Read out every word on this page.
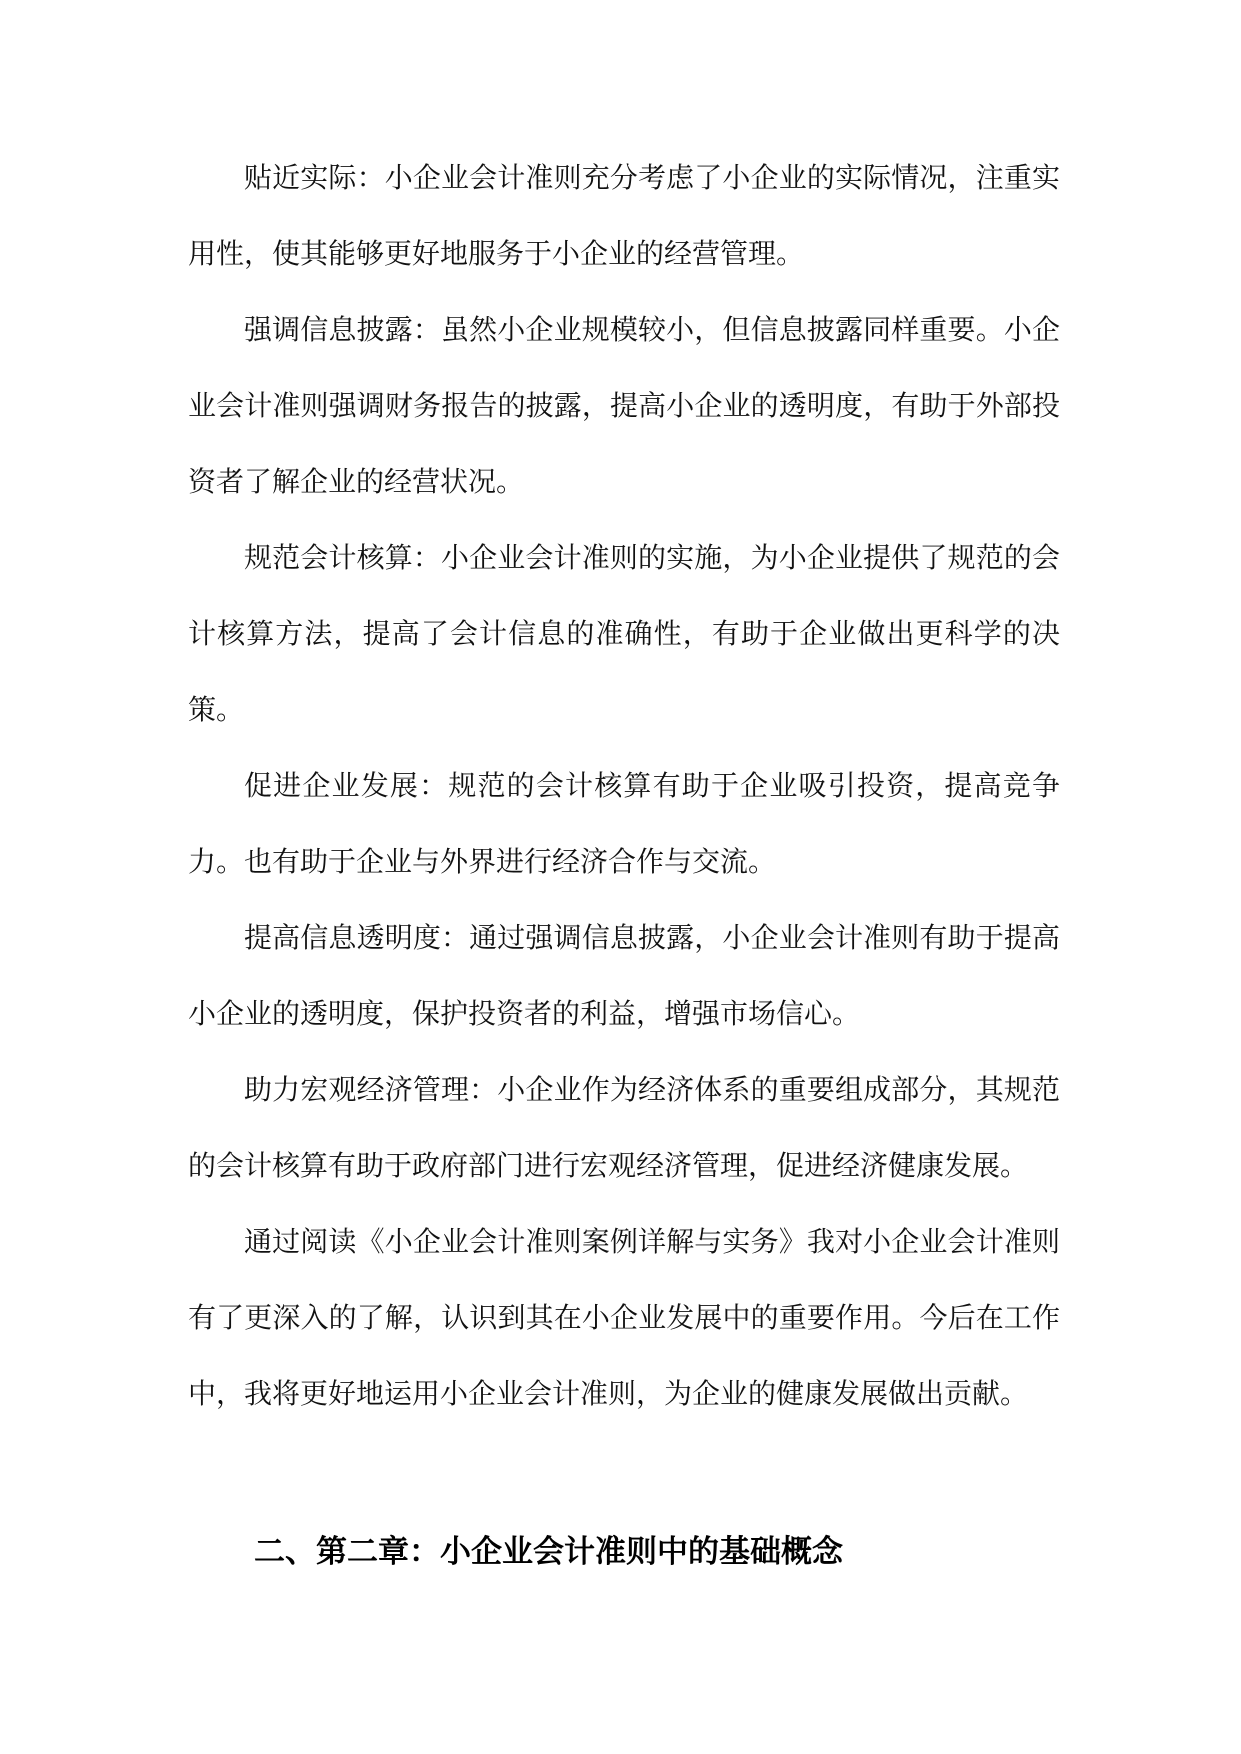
贴近实际：小企业会计准则充分考虑了小企业的实际情况，注重实用性，使其能够更好地服务于小企业的经营管理。

强调信息披露：虽然小企业规模较小，但信息披露同样重要。小企业会计准则强调财务报告的披露，提高小企业的透明度，有助于外部投资者了解企业的经营状况。

规范会计核算：小企业会计准则的实施，为小企业提供了规范的会计核算方法，提高了会计信息的准确性，有助于企业做出更科学的决策。

促进企业发展：规范的会计核算有助于企业吸引投资，提高竞争力。也有助于企业与外界进行经济合作与交流。

提高信息透明度：通过强调信息披露，小企业会计准则有助于提高小企业的透明度，保护投资者的利益，增强市场信心。

助力宏观经济管理：小企业作为经济体系的重要组成部分，其规范的会计核算有助于政府部门进行宏观经济管理，促进经济健康发展。

通过阅读《小企业会计准则案例详解与实务》我对小企业会计准则有了更深入的了解，认识到其在小企业发展中的重要作用。今后在工作中，我将更好地运用小企业会计准则，为企业的健康发展做出贡献。

二、第二章：小企业会计准则中的基础概念
